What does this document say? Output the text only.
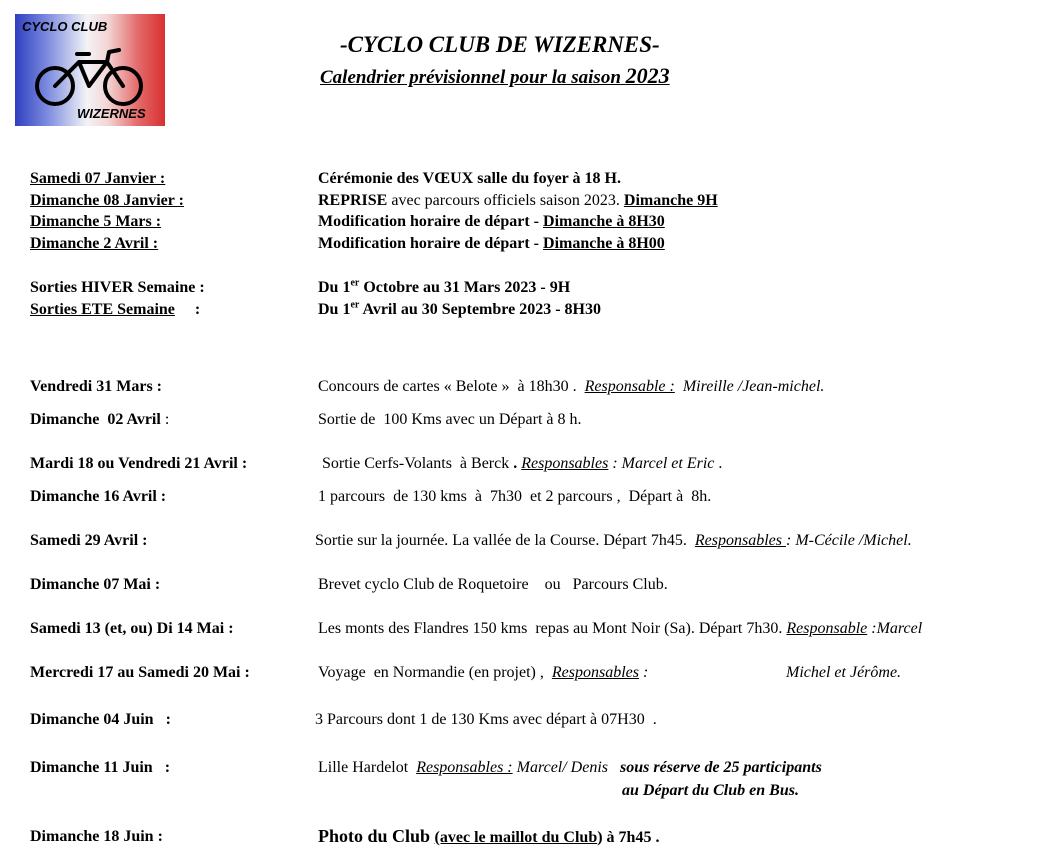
CYCLO CLUB
WIZERNES
-CYCLO CLUB DE WIZERNES-
Calendrier prévisionnel pour la saison 2023
Samedi 07 Janvier :	Cérémonie des VŒUX salle du foyer à 18 H.
Dimanche 08 Janvier :	REPRISE avec parcours officiels saison 2023. Dimanche 9H
Dimanche 5 Mars :	Modification horaire de départ - Dimanche à 8H30
Dimanche 2 Avril :	Modification horaire de départ - Dimanche à 8H00
Sorties HIVER Semaine :	Du 1er Octobre au 31 Mars 2023 - 9H
Sorties ETE Semaine     :	Du 1er Avril au 30 Septembre 2023 - 8H30
Vendredi 31 Mars :	Concours de cartes « Belote »  à 18h30 .  Responsable :  Mireille /Jean-michel.
Dimanche  02 Avril :	Sortie de  100 Kms avec un Départ à 8 h.
Mardi 18 ou Vendredi 21 Avril :	Sortie Cerfs-Volants  à Berck . Responsables : Marcel et Eric .
Dimanche 16 Avril :	1 parcours  de 130 kms  à  7h30  et 2 parcours ,  Départ à  8h.
Samedi 29 Avril :	Sortie sur la journée. La vallée de la Course. Départ 7h45.  Responsables : M-Cécile /Michel.
Dimanche 07 Mai :	Brevet cyclo Club de Roquetoire    ou   Parcours Club.
Samedi 13 (et, ou) Di 14 Mai :	Les monts des Flandres 150 kms  repas au Mont Noir (Sa). Départ 7h30. Responsable :Marcel
Mercredi 17 au Samedi 20 Mai :	Voyage  en Normandie (en projet) ,  Responsables :	Michel et Jérôme.
Dimanche 04 Juin   :	3 Parcours dont 1 de 130 Kms avec départ à 07H30  .
Dimanche 11 Juin   :	Lille Hardelot  Responsables : Marcel/ Denis   sous réserve de 25 participants
au Départ du Club en Bus.
Dimanche 18 Juin :	Photo du Club (avec le maillot du Club) à 7h45 .
